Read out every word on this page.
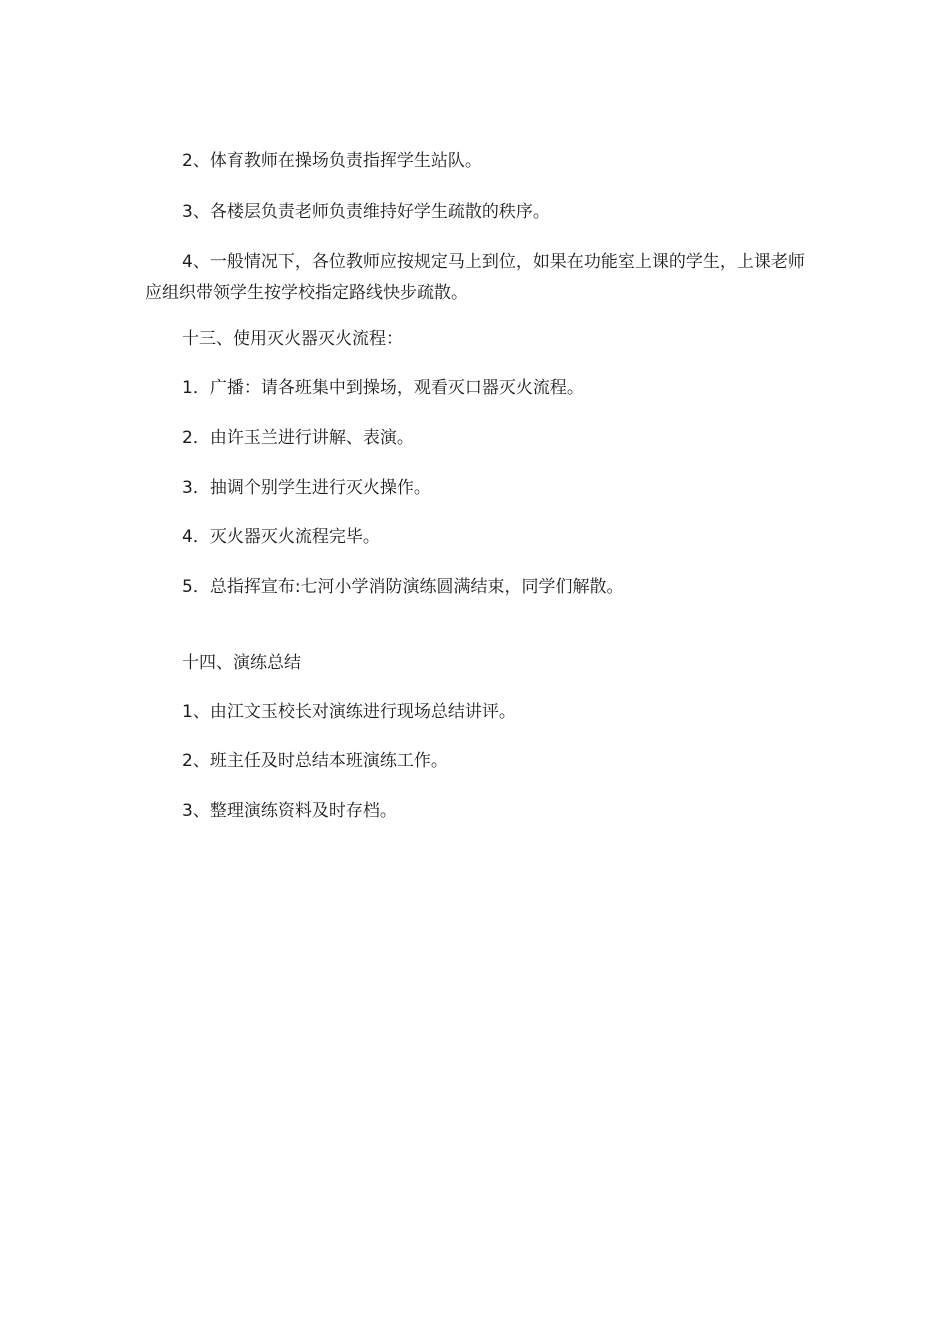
2、体育教师在操场负责指挥学生站队。

3、各楼层负责老师负责维持好学生疏散的秩序。

4、一般情况下，各位教师应按规定马上到位，如果在功能室上课的学生，上课老师应组织带领学生按学校指定路线快步疏散。

十三、使用灭火器灭火流程：

1．广播：请各班集中到操场，观看灭口器灭火流程。

2．由许玉兰进行讲解、表演。

3．抽调个别学生进行灭火操作。

4．灭火器灭火流程完毕。

5．总指挥宣布:七河小学消防演练圆满结束，同学们解散。

十四、演练总结

1、由江文玉校长对演练进行现场总结讲评。

2、班主任及时总结本班演练工作。

3、整理演练资料及时存档。
